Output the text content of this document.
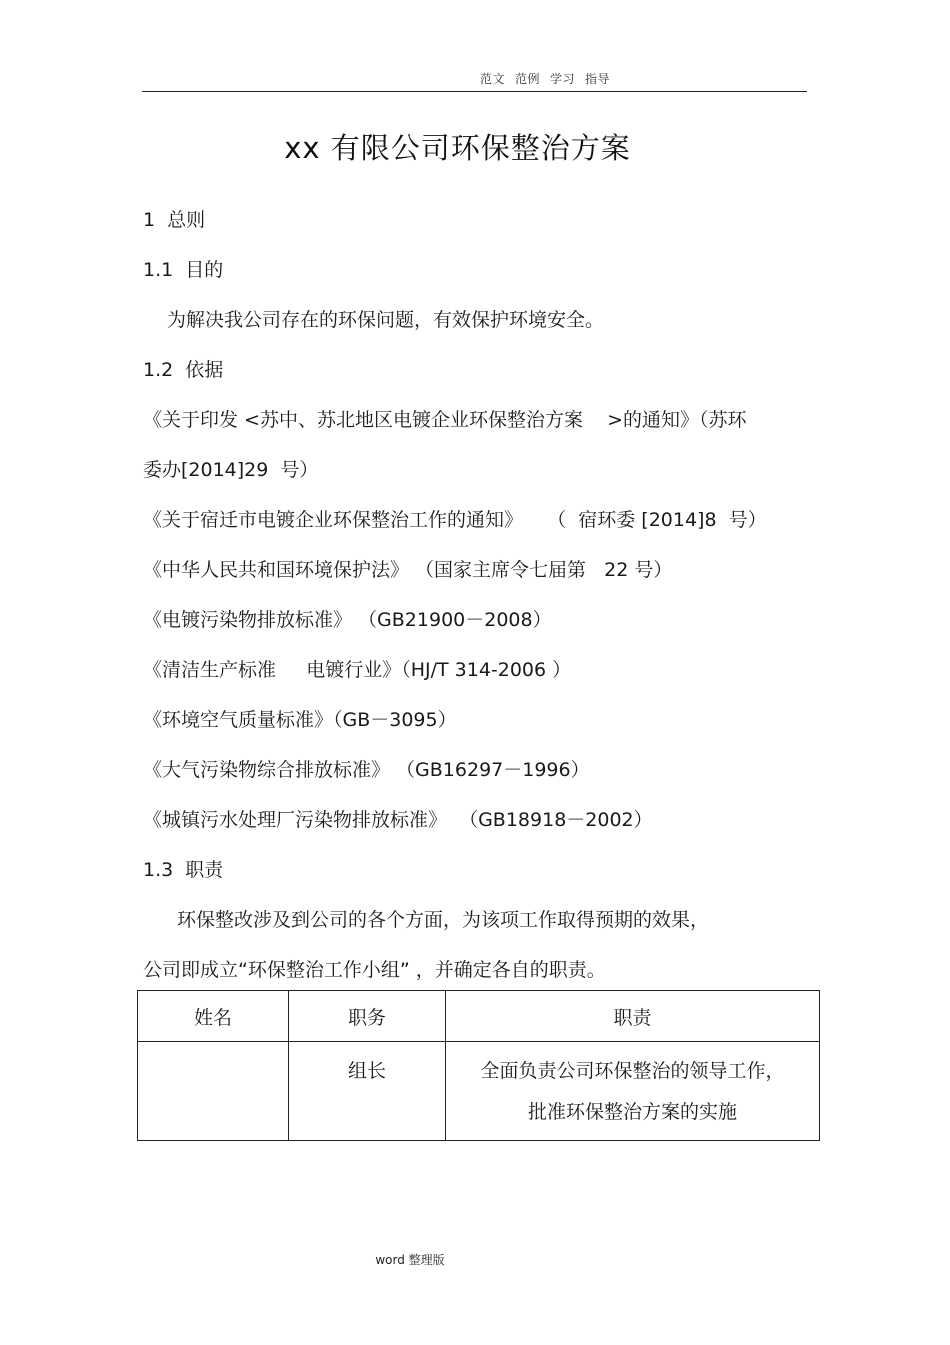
范文 范例 学习 指导
xx 有限公司环保整治方案
1  总则
1.1  目的
为解决我公司存在的环保问题，有效保护环境安全。
1.2  依据
《关于印发 <苏中、苏北地区电镀企业环保整治方案    >的通知》（苏环
委办[2014]29  号）
《关于宿迁市电镀企业环保整治工作的通知》    （  宿环委 [2014]8  号）
《中华人民共和国环境保护法》 （国家主席令七届第   22 号）
《电镀污染物排放标准》 （GB21900－2008）
《清洁生产标准     电镀行业》（HJ/T 314-2006 ）
《环境空气质量标准》（GB－3095）
《大气污染物综合排放标准》 （GB16297－1996）
《城镇污水处理厂污染物排放标准》  （GB18918－2002）
1.3  职责
环保整改涉及到公司的各个方面，为该项工作取得预期的效果，
公司即成立“环保整治工作小组” ，并确定各自的职责。
姓名	职务	职责

	组长	全面负责公司环保整治的领导工作，
批准环保整治方案的实施
word 整理版
